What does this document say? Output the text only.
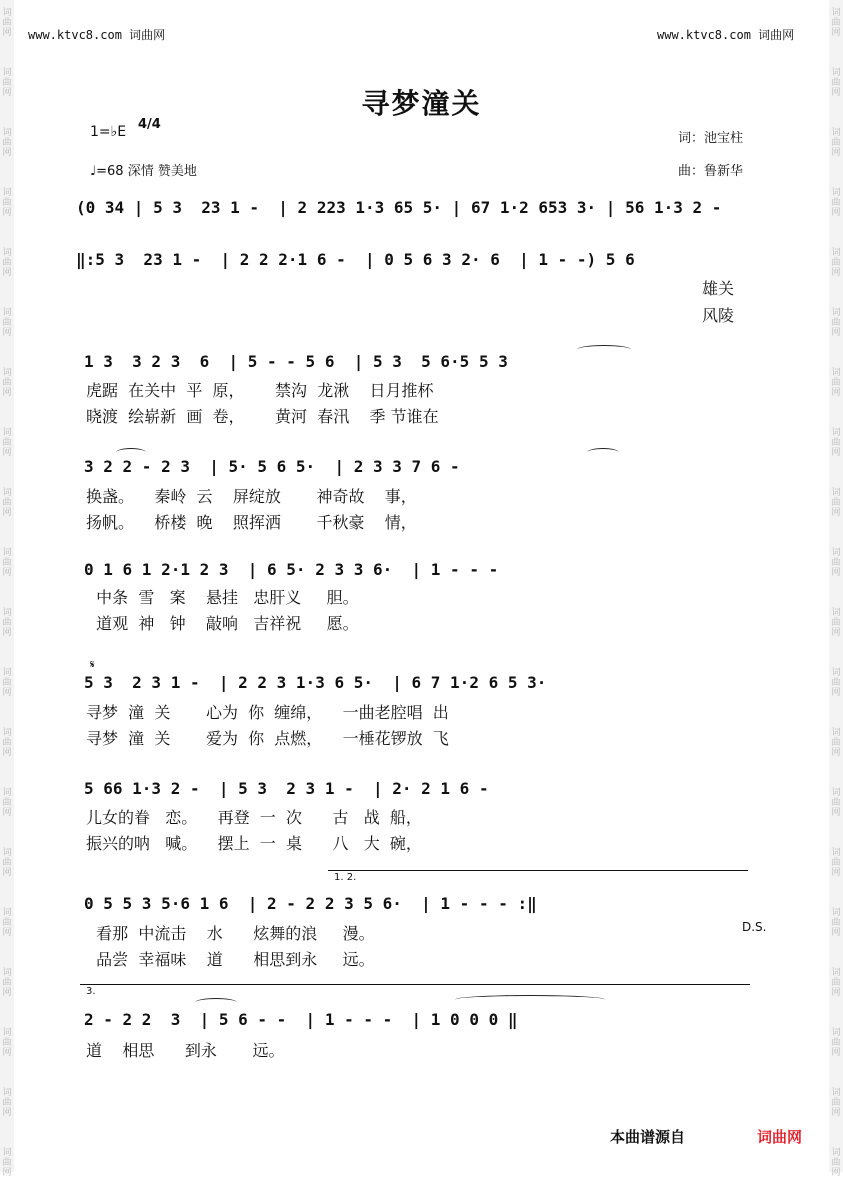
词
曲
网
词
曲
网
词
曲
网
词
曲
网
词
曲
网
词
曲
网
词
曲
网
词
曲
网
词
曲
网
词
曲
网
词
曲
网
词
曲
网
词
曲
网
词
曲
网
词
曲
网
词
曲
网
词
曲
网
词
曲
网
词
曲
网
词
曲
网
词
曲
网
词
曲
网
词
曲
网
词
曲
网
词
曲
网
词
曲
网
词
曲
网
词
曲
网
词
曲
网
词
曲
网
词
曲
网
词
曲
网
词
曲
网
词
曲
网
词
曲
网
词
曲
网
词
曲
网
词
曲
网
词
曲
网
词
曲
网
www.ktvc8.com 词曲网	www.ktvc8.com 词曲网
寻梦潼关
1=♭E 4/4
♩=68 深情 赞美地
词：池宝柱
曲：鲁新华
(0 34 | 5 3  23 1 -  | 2 223 1·3 65 5· | 67 1·2 653 3· | 56 1·3 2 -
‖:5 3  23 1 -  | 2 2 2·1 6 -  | 0 5 6 3 2· 6  | 1 - -) 5 6
雄关
风陵
1 3  3 2 3  6  | 5 - - 5 6  | 5 3  5 6·5 5 3
虎踞  在关中  平  原，      禁沟  龙湫    日月推杯
晓渡  绘崭新  画  卷，      黄河  春汛    季 节谁在
3 2 2 - 2 3  | 5· 5 6 5·  | 2 3 3 7 6 -
换盏。    秦岭  云    屏绽放       神奇故    事，
扬帆。    桥楼  晚    照挥洒       千秋豪    情，
0 1 6 1 2·1 2 3  | 6 5· 2 3 3 6·  | 1 - - -
中条  雪   案    悬挂   忠肝义     胆。
道观  神   钟    敲响   吉祥祝     愿。
𝄋
5 3  2 3 1 -  | 2 2 3 1·3 6 5·  | 6 7 1·2 6 5 3·
寻梦  潼  关       心为  你  缠绵，    一曲老腔唱  出
寻梦  潼  关       爱为  你  点燃，    一棰花锣放  飞
5 66 1·3 2 -  | 5 3  2 3 1 -  | 2· 2 1 6 -
儿女的眷   恋。    再登  一  次      古   战  船，
振兴的呐   喊。    摆上  一  桌      八   大  碗，
1. 2.
0 5 5 3 5·6 1 6  | 2 - 2 2 3 5 6·  | 1 - - - :‖
D.S.
看那  中流击    水      炫舞的浪     漫。
品尝  幸福味    道      相思到永     远。
3.
2 - 2 2  3  | 5 6 - -  | 1 - - -  | 1 0 0 0 ‖
道    相思      到永       远。
本曲谱源自	词曲网
